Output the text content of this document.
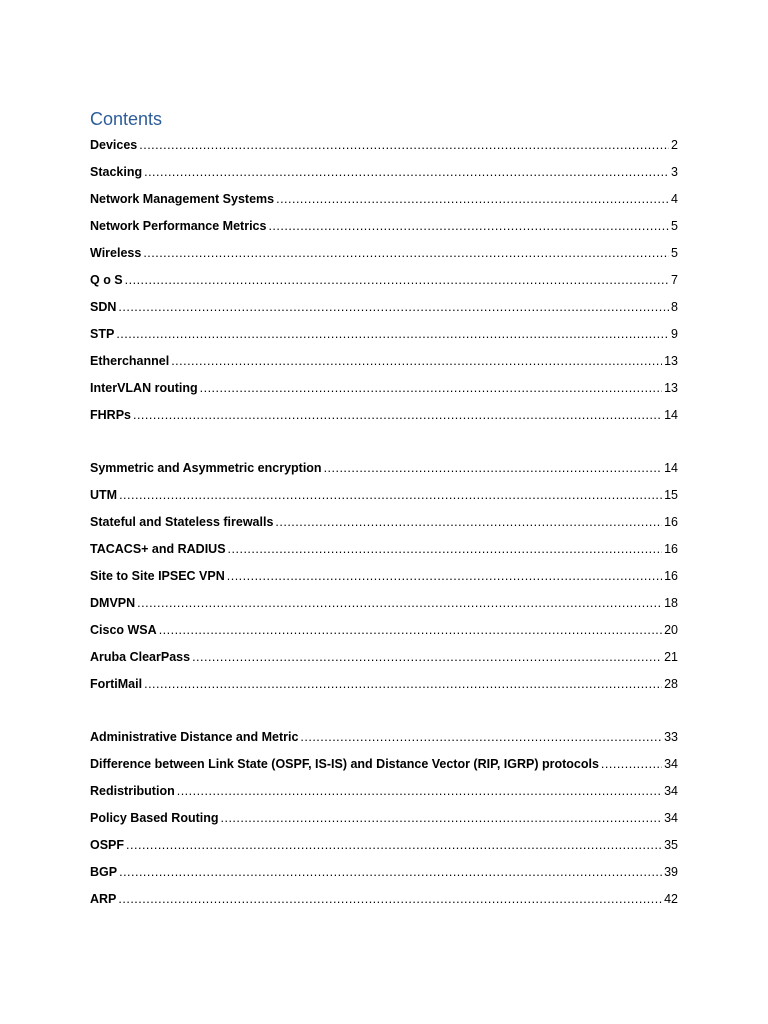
Contents
Devices .....	2
Stacking .....	3
Network Management Systems .....	4
Network Performance Metrics .....	5
Wireless .....	5
Q o S .....	7
SDN .....	8
STP .....	9
Etherchannel .....	13
InterVLAN routing .....	13
FHRPs .....	14
Symmetric and Asymmetric encryption .....	14
UTM .....	15
Stateful and Stateless firewalls .....	16
TACACS+ and RADIUS .....	16
Site to Site IPSEC VPN .....	16
DMVPN .....	18
Cisco WSA .....	20
Aruba ClearPass .....	21
FortiMail .....	28
Administrative Distance and Metric .....	33
Difference between Link State (OSPF, IS-IS) and Distance Vector (RIP, IGRP) protocols .....	34
Redistribution .....	34
Policy Based Routing .....	34
OSPF .....	35
BGP .....	39
ARP .....	42
